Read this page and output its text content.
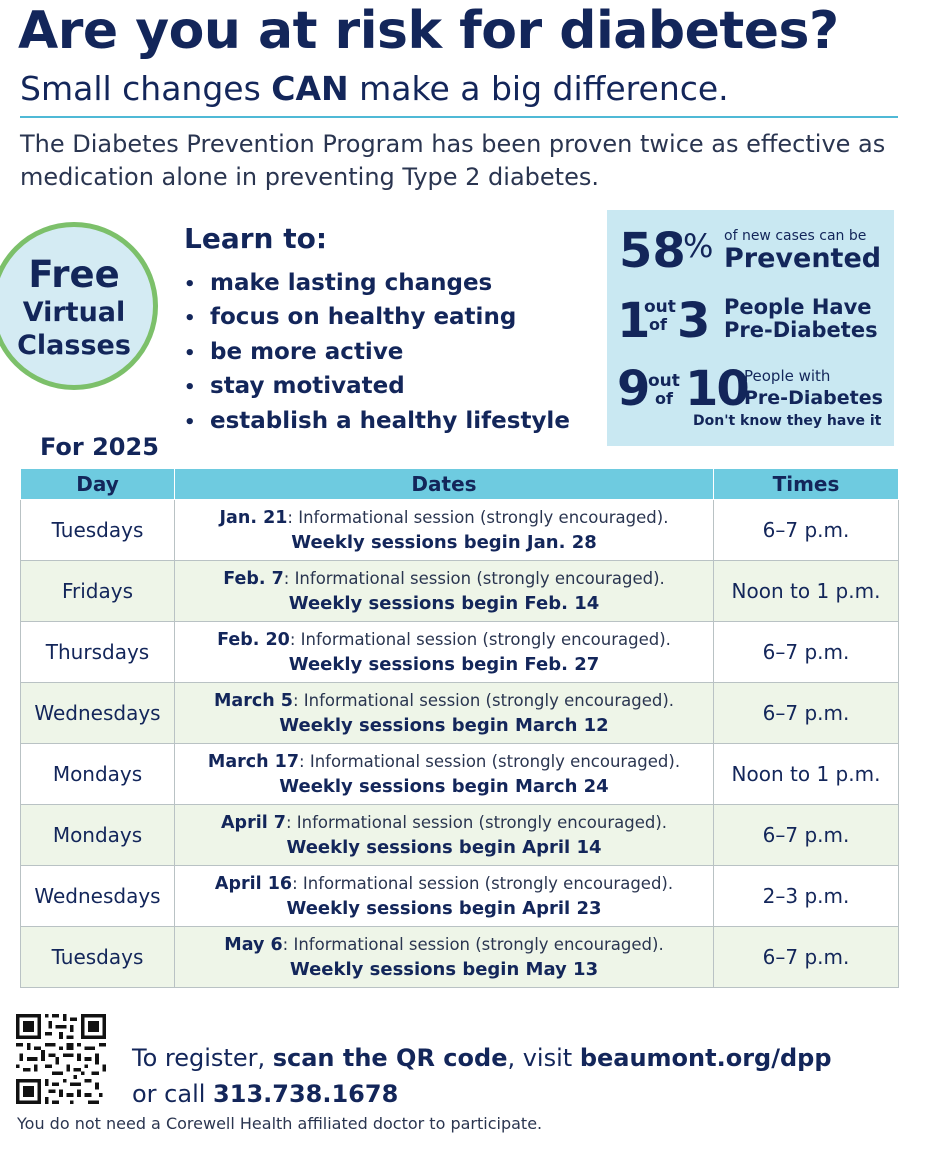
Are you at risk for diabetes?
Small changes CAN make a big difference.
The Diabetes Prevention Program has been proven twice as effective as medication alone in preventing Type 2 diabetes.
Free
Virtual
Classes
Learn to:
• make lasting changes
• focus on healthy eating
• be more active
• stay motivated
• establish a healthy lifestyle
58
% of new cases can be
Prevented
1
out
of 3 People Have
Pre-Diabetes
9
out
of 10
People with
Pre-Diabetes
Don't know they have it
For 2025
Day	Dates	Times
Tuesdays	Jan. 21: Informational session (strongly encouraged).
Weekly sessions begin Jan. 28	6–7 p.m.
Fridays	Feb. 7: Informational session (strongly encouraged).
Weekly sessions begin Feb. 14	Noon to 1 p.m.
Thursdays	Feb. 20: Informational session (strongly encouraged).
Weekly sessions begin Feb. 27	6–7 p.m.
Wednesdays	March 5: Informational session (strongly encouraged).
Weekly sessions begin March 12	6–7 p.m.
Mondays	March 17: Informational session (strongly encouraged).
Weekly sessions begin March 24	Noon to 1 p.m.
Mondays	April 7: Informational session (strongly encouraged).
Weekly sessions begin April 14	6–7 p.m.
Wednesdays	April 16: Informational session (strongly encouraged).
Weekly sessions begin April 23	2–3 p.m.
Tuesdays	May 6: Informational session (strongly encouraged).
Weekly sessions begin May 13	6–7 p.m.
To register, scan the QR code, visit beaumont.org/dpp
or call 313.738.1678
You do not need a Corewell Health affiliated doctor to participate.
